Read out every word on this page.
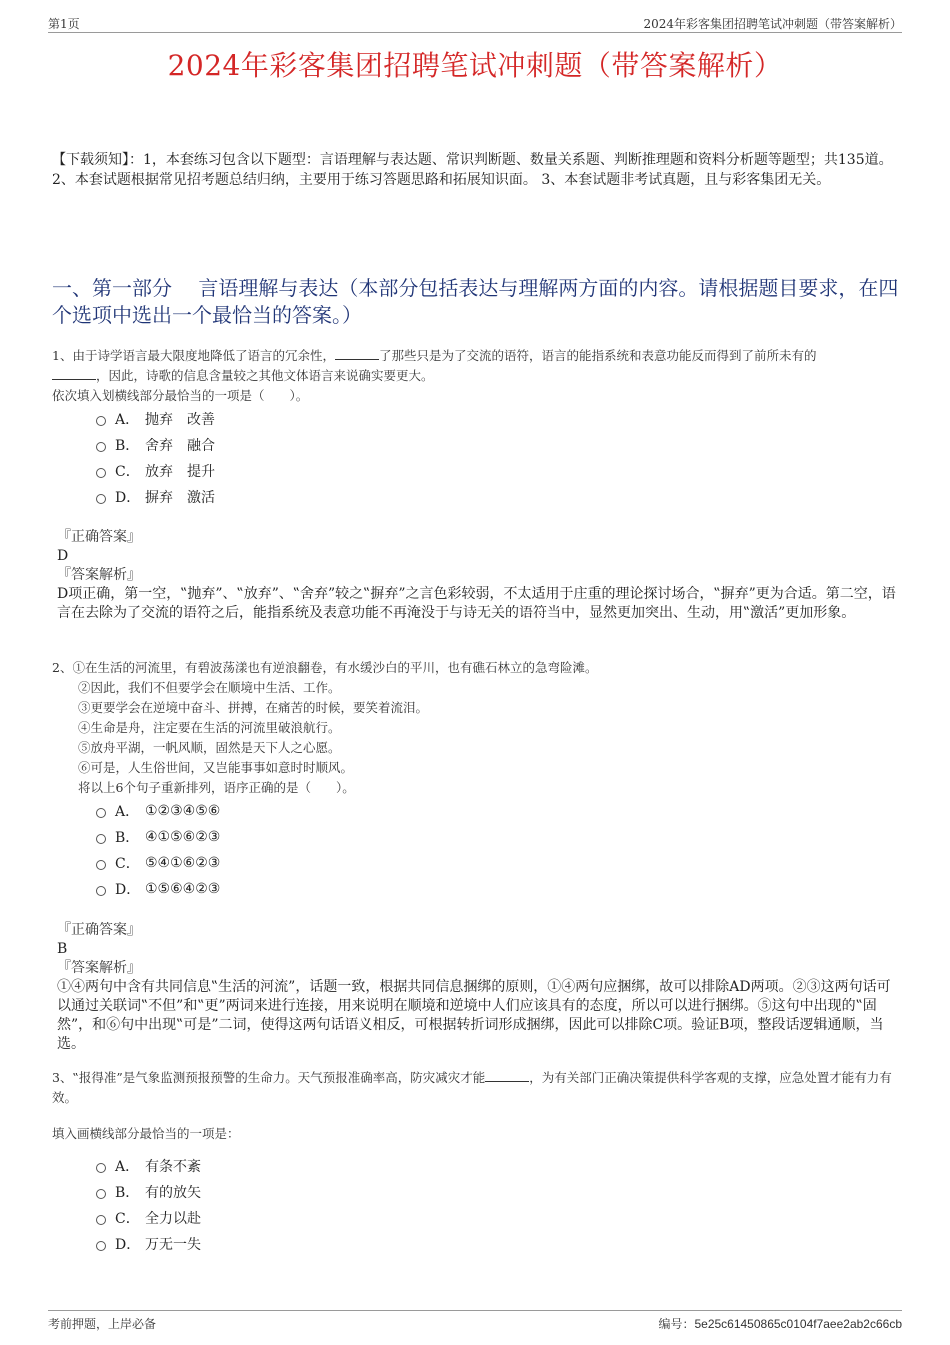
第1页	2024年彩客集团招聘笔试冲刺题（带答案解析）
2024年彩客集团招聘笔试冲刺题（带答案解析）
【下载须知】：1，本套练习包含以下题型：言语理解与表达题、常识判断题、数量关系题、判断推理题和资料分析题等题型；共135道。 2、本套试题根据常见招考题总结归纳，主要用于练习答题思路和拓展知识面。 3、本套试题非考试真题，且与彩客集团无关。
一、第一部分　 言语理解与表达（本部分包括表达与理解两方面的内容。请根据题目要求，在四个选项中选出一个最恰当的答案。）
1、由于诗学语言最大限度地降低了语言的冗余性，	了那些只是为了交流的语符，语言的能指系统和表意功能反而得到了前所未有的
，因此，诗歌的信息含量较之其他文体语言来说确实要更大。
依次填入划横线部分最恰当的一项是（　　）。
A． 抛弃　改善
B． 舍弃　融合
C． 放弃　提升
D． 摒弃　激活

『正确答案』

D

『答案解析』

D项正确，第一空，‟抛弃”、‟放弃”、‟舍弃”较之‟摒弃”之言色彩较弱，不太适用于庄重的理论探讨场合，‟摒弃”更为合适。第二空，语言在去除为了交流的语符之后，能指系统及表意功能不再淹没于与诗无关的语符当中，显然更加突出、生动，用‟激活”更加形象。

2、①在生活的河流里，有碧波荡漾也有逆浪翻卷，有水缓沙白的平川，也有礁石林立的急弯险滩。
②因此，我们不但要学会在顺境中生活、工作。
③更要学会在逆境中奋斗、拼搏，在痛苦的时候，要笑着流泪。
④生命是舟，注定要在生活的河流里破浪航行。
⑤放舟平湖，一帆风顺，固然是天下人之心愿。
⑥可是，人生俗世间，又岂能事事如意时时顺风。
将以上6个句子重新排列，语序正确的是（　　）。
A． ①②③④⑤⑥
B． ④①⑤⑥②③
C． ⑤④①⑥②③
D． ①⑤⑥④②③

『正确答案』

B

『答案解析』

①④两句中含有共同信息‟生活的河流”，话题一致，根据共同信息捆绑的原则，①④两句应捆绑，故可以排除AD两项。②③这两句话可以通过关联词‟不但”和‟更”两词来进行连接，用来说明在顺境和逆境中人们应该具有的态度，所以可以进行捆绑。⑤这句中出现的‟固然”，和⑥句中出现‟可是”二词，使得这两句话语义相反，可根据转折词形成捆绑，因此可以排除C项。验证B项，整段话逻辑通顺，当选。

3、‟报得准”是气象监测预报预警的生命力。天气预报准确率高，防灾减灾才能	，为有关部门正确决策提供科学客观的支撑，应急处置才能有力有效。
填入画横线部分最恰当的一项是：
A． 有条不紊
B． 有的放矢
C． 全力以赴
D． 万无一失
考前押题，上岸必备	编号：5e25c61450865c0104f7aee2ab2c66cb
